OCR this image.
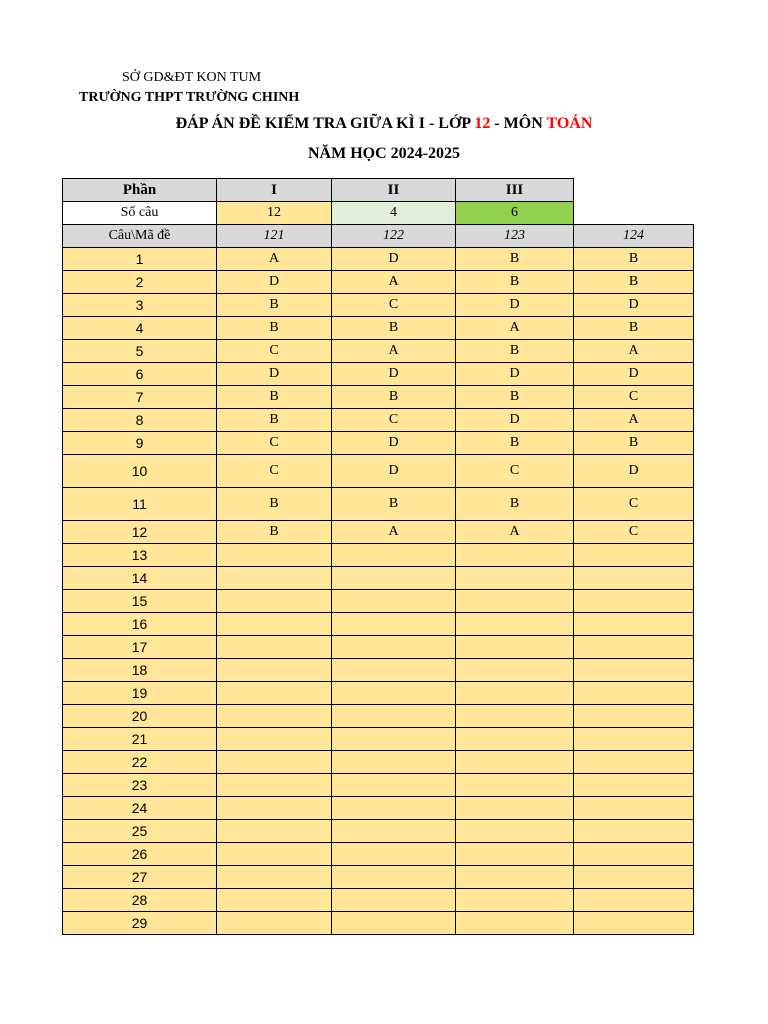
SỞ GD&ĐT KON TUM
TRƯỜNG THPT TRƯỜNG CHINH
ĐÁP ÁN ĐỀ KIỂM TRA GIỮA KÌ I - LỚP 12 - MÔN TOÁN
NĂM HỌC 2024-2025
Phần	I	II	III	
Số câu	12	4	6	
Câu\Mã đề	121	122	123	124
1	A	D	B	B
2	D	A	B	B
3	B	C	D	D
4	B	B	A	B
5	C	A	B	A
6	D	D	D	D
7	B	B	B	C
8	B	C	D	A
9	C	D	B	B
10	C	D	C	D
11	B	B	B	C
12	B	A	A	C
13				
14				
15				
16				
17				
18				
19				
20				
21				
22				
23				
24				
25				
26				
27				
28				
29				
